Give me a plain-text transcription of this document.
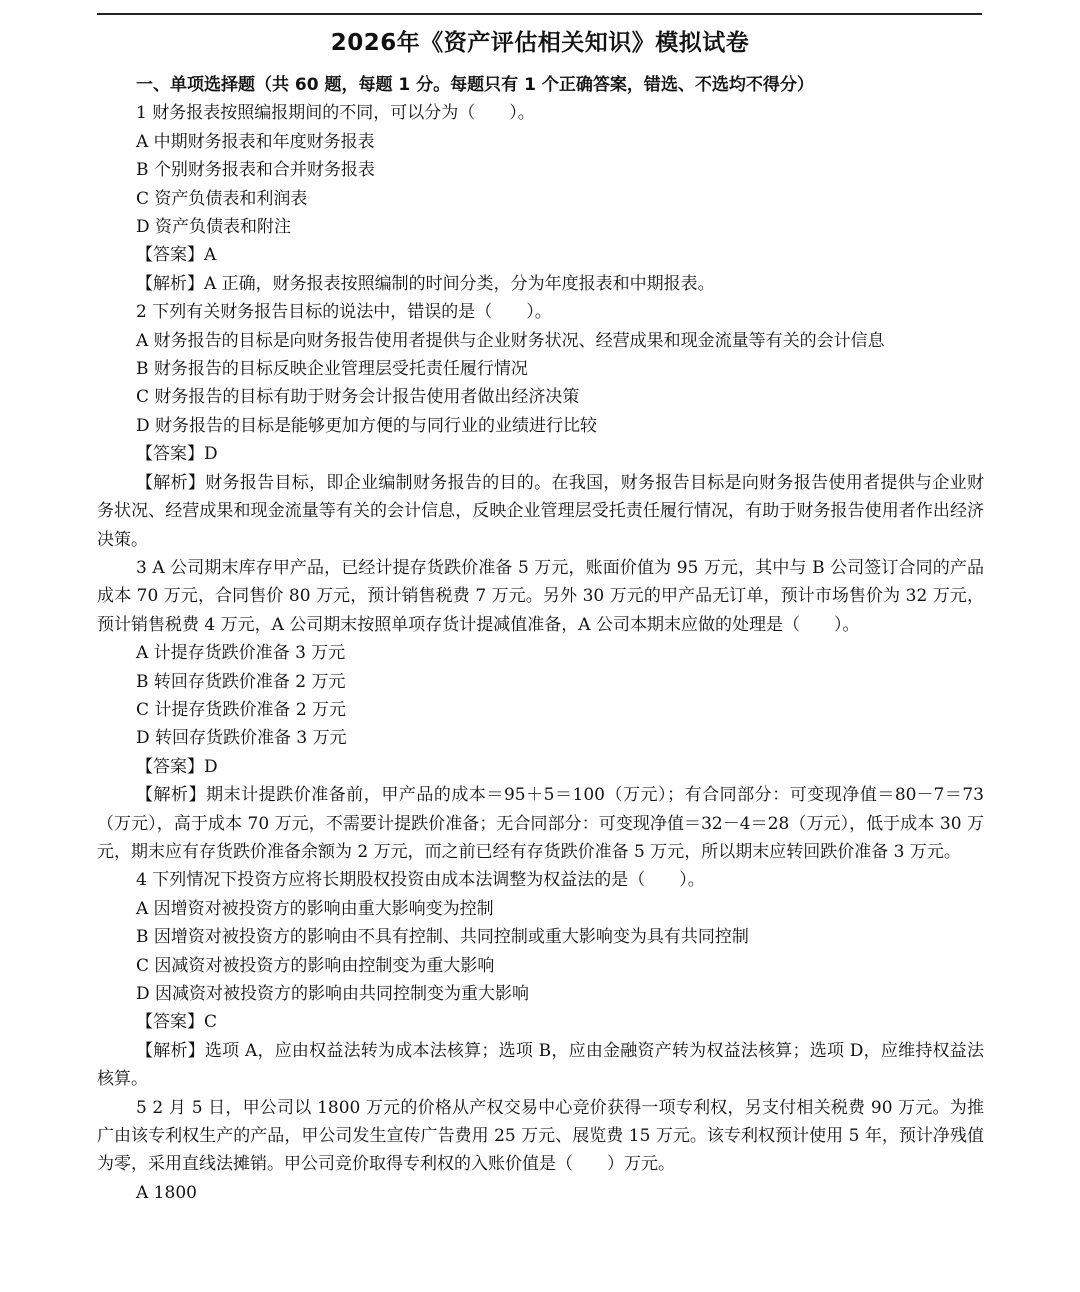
2026年《资产评估相关知识》模拟试卷
一、单项选择题（共 60 题，每题 1 分。每题只有 1 个正确答案，错选、不选均不得分）
1 财务报表按照编报期间的不同，可以分为（　　）。
A 中期财务报表和年度财务报表
B 个别财务报表和合并财务报表
C 资产负债表和利润表
D 资产负债表和附注
【答案】A
【解析】A 正确，财务报表按照编制的时间分类，分为年度报表和中期报表。
2 下列有关财务报告目标的说法中，错误的是（　　）。
A 财务报告的目标是向财务报告使用者提供与企业财务状况、经营成果和现金流量等有关的会计信息
B 财务报告的目标反映企业管理层受托责任履行情况
C 财务报告的目标有助于财务会计报告使用者做出经济决策
D 财务报告的目标是能够更加方便的与同行业的业绩进行比较
【答案】D
【解析】财务报告目标，即企业编制财务报告的目的。在我国，财务报告目标是向财务报告使用者提供与企业财务状况、经营成果和现金流量等有关的会计信息，反映企业管理层受托责任履行情况，有助于财务报告使用者作出经济决策。
3 A 公司期末库存甲产品，已经计提存货跌价准备 5 万元，账面价值为 95 万元，其中与 B 公司签订合同的产品成本 70 万元，合同售价 80 万元，预计销售税费 7 万元。另外 30 万元的甲产品无订单，预计市场售价为 32 万元，预计销售税费 4 万元，A 公司期末按照单项存货计提减值准备，A 公司本期末应做的处理是（　　）。
A 计提存货跌价准备 3 万元
B 转回存货跌价准备 2 万元
C 计提存货跌价准备 2 万元
D 转回存货跌价准备 3 万元
【答案】D
【解析】期末计提跌价准备前，甲产品的成本＝95＋5＝100（万元）；有合同部分：可变现净值＝80－7＝73（万元），高于成本 70 万元，不需要计提跌价准备；无合同部分：可变现净值＝32－4＝28（万元），低于成本 30 万元，期末应有存货跌价准备余额为 2 万元，而之前已经有存货跌价准备 5 万元，所以期末应转回跌价准备 3 万元。
4 下列情况下投资方应将长期股权投资由成本法调整为权益法的是（　　）。
A 因增资对被投资方的影响由重大影响变为控制
B 因增资对被投资方的影响由不具有控制、共同控制或重大影响变为具有共同控制
C 因减资对被投资方的影响由控制变为重大影响
D 因减资对被投资方的影响由共同控制变为重大影响
【答案】C
【解析】选项 A，应由权益法转为成本法核算；选项 B，应由金融资产转为权益法核算；选项 D，应维持权益法核算。
5 2 月 5 日，甲公司以 1800 万元的价格从产权交易中心竞价获得一项专利权，另支付相关税费 90 万元。为推广由该专利权生产的产品，甲公司发生宣传广告费用 25 万元、展览费 15 万元。该专利权预计使用 5 年，预计净残值为零，采用直线法摊销。甲公司竞价取得专利权的入账价值是（　　）万元。
A 1800
